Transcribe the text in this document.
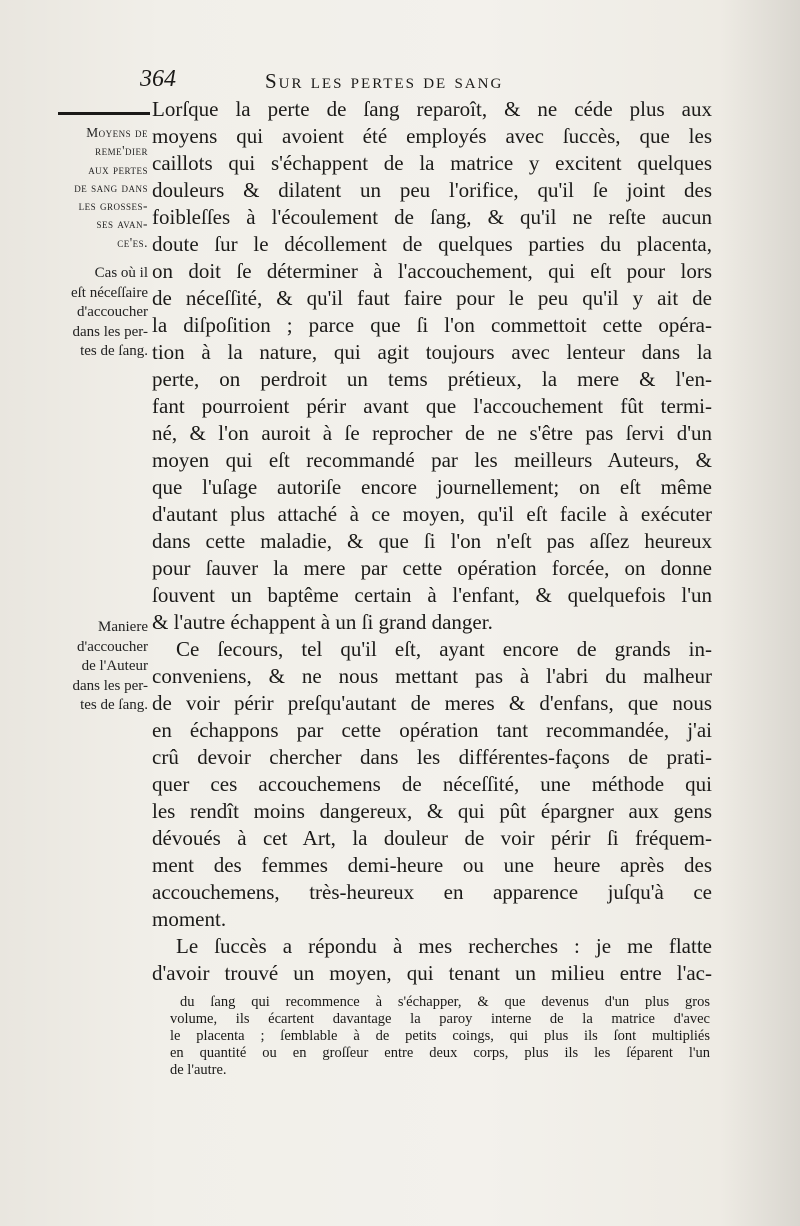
364	Sur les pertes de sang
Moyens de
reme'dier
aux pertes
de sang dans
les grosses-
ses avan-
ce'es.
Cas où il
eſt néceſſaire
d'accoucher
dans les per-
tes de ſang.
Maniere
d'accoucher
de l'Auteur
dans les per-
tes de ſang.
Lorſque la perte de ſang reparoît, & ne céde plus aux
moyens qui avoient été employés avec ſuccès, que les
caillots qui s'échappent de la matrice y excitent quelques
douleurs & dilatent un peu l'orifice, qu'il ſe joint des
foibleſſes à l'écoulement de ſang, & qu'il ne reſte aucun
doute ſur le décollement de quelques parties du placenta,
on doit ſe déterminer à l'accouchement, qui eſt pour lors
de néceſſité, & qu'il faut faire pour le peu qu'il y ait de
la diſpoſition ; parce que ſi l'on commettoit cette opéra-
tion à la nature, qui agit toujours avec lenteur dans la
perte, on perdroit un tems prétieux, la mere & l'en-
fant pourroient périr avant que l'accouchement fût termi-
né, & l'on auroit à ſe reprocher de ne s'être pas ſervi d'un
moyen qui eſt recommandé par les meilleurs Auteurs, &
que l'uſage autoriſe encore journellement; on eſt même
d'autant plus attaché à ce moyen, qu'il eſt facile à exécuter
dans cette maladie, & que ſi l'on n'eſt pas aſſez heureux
pour ſauver la mere par cette opération forcée, on donne
ſouvent un baptême certain à l'enfant, & quelquefois l'un
& l'autre échappent à un ſi grand danger.
Ce ſecours, tel qu'il eſt, ayant encore de grands in-
conveniens, & ne nous mettant pas à l'abri du malheur
de voir périr preſqu'autant de meres & d'enfans, que nous
en échappons par cette opération tant recommandée, j'ai
crû devoir chercher dans les différentes-façons de prati-
quer ces accouchemens de néceſſité, une méthode qui
les rendît moins dangereux, & qui pût épargner aux gens
dévoués à cet Art, la douleur de voir périr ſi fréquem-
ment des femmes demi-heure ou une heure après des
accouchemens, très-heureux en apparence juſqu'à ce
moment.
Le ſuccès a répondu à mes recherches : je me flatte
d'avoir trouvé un moyen, qui tenant un milieu entre l'ac-
du ſang qui recommence à s'échapper, & que devenus d'un plus gros
volume, ils écartent davantage la paroy interne de la matrice d'avec
le placenta ; ſemblable à de petits coings, qui plus ils ſont multipliés
en quantité ou en groſſeur entre deux corps, plus ils les ſéparent l'un
de l'autre.
